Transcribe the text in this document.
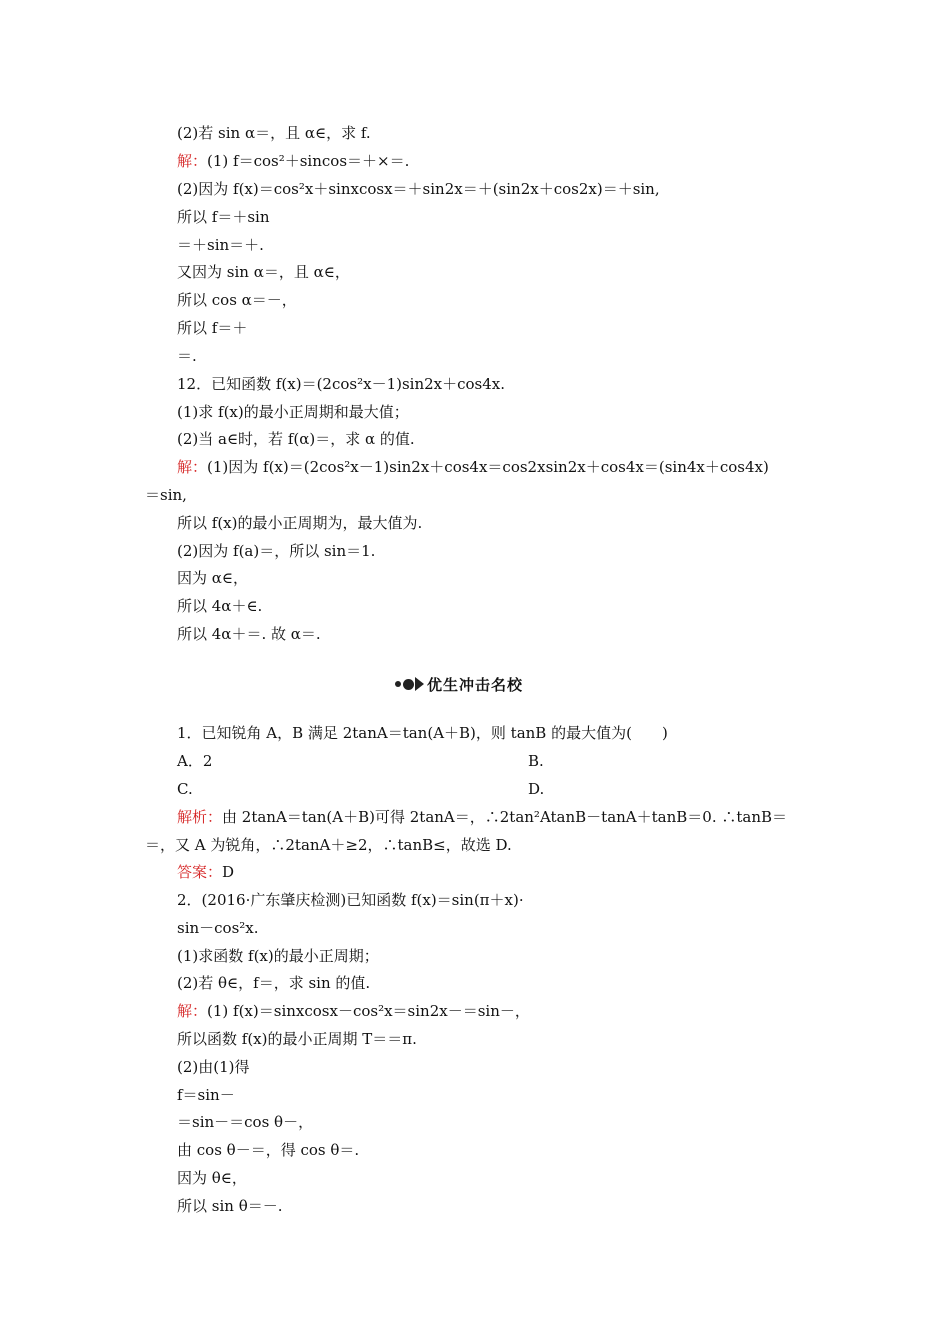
(2)若 sin α＝，且 α∈，求 f.
解：(1) f＝cos²＋sincos＝＋×＝.
(2)因为 f(x)＝cos²x＋sinxcosx＝＋sin2x＝＋(sin2x＋cos2x)＝＋sin,
所以 f＝＋sin
＝＋sin＝＋.
又因为 sin α＝，且 α∈，
所以 cos α＝－，
所以 f＝＋
＝.
12．已知函数 f(x)＝(2cos²x－1)sin2x＋cos4x.
(1)求 f(x)的最小正周期和最大值；
(2)当 a∈时，若 f(α)＝，求 α 的值.
解：(1)因为 f(x)＝(2cos²x－1)sin2x＋cos4x＝cos2xsin2x＋cos4x＝(sin4x＋cos4x)
＝sin,
所以 f(x)的最小正周期为，最大值为.
(2)因为 f(a)＝，所以 sin＝1.
因为 α∈，
所以 4α＋∈.
所以 4α＋＝. 故 α＝.
优生冲击名校
1．已知锐角 A，B 满足 2tanA＝tan(A＋B)，则 tanB 的最大值为(　　)
A．2	B.
C.	D.
解析：由 2tanA＝tan(A＋B)可得 2tanA＝，∴2tan²AtanB－tanA＋tanB＝0. ∴tanB＝
＝，又 A 为锐角，∴2tanA＋≥2，∴tanB≤，故选 D.
答案：D
2．(2016·广东肇庆检测)已知函数 f(x)＝sin(π＋x)·
sin－cos²x.
(1)求函数 f(x)的最小正周期；
(2)若 θ∈，f＝，求 sin 的值.
解：(1) f(x)＝sinxcosx－cos²x＝sin2x－＝sin－，
所以函数 f(x)的最小正周期 T＝＝π.
(2)由(1)得
f＝sin－
＝sin－＝cos θ－，
由 cos θ－＝，得 cos θ＝.
因为 θ∈，
所以 sin θ＝－.
